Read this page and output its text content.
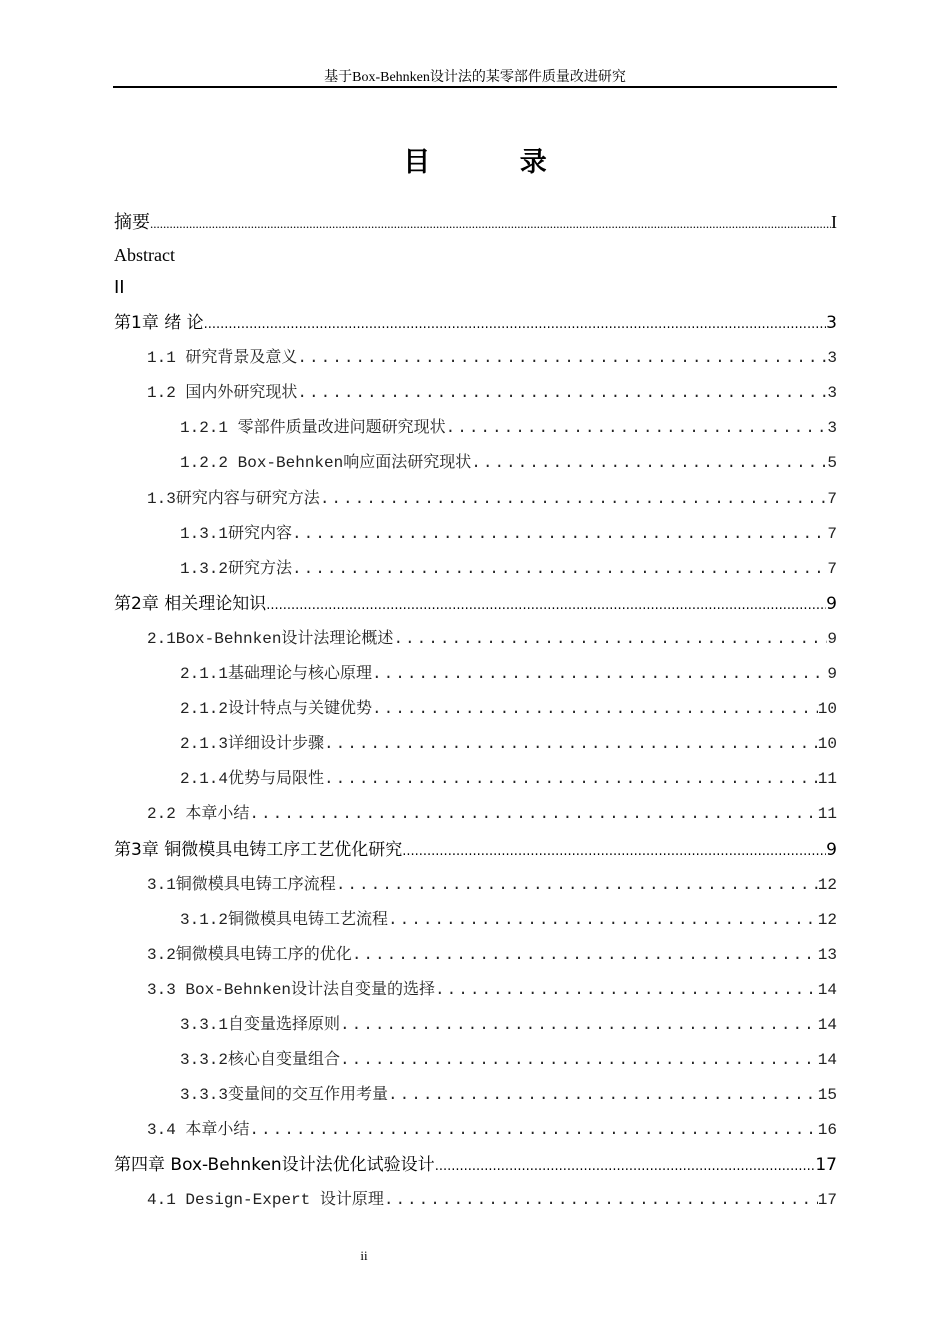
基于Box-Behnken设计法的某零部件质量改进研究
目 录
摘要 .....	I
Abstract
II
第1章 绪 论 .....	3
1.1 研究背景及意义 .....	3
1.2 国内外研究现状 .....	3
1.2.1 零部件质量改进问题研究现状 .....	3
1.2.2 Box-Behnken响应面法研究现状 .....	5
1.3研究内容与研究方法 .....	7
1.3.1研究内容 .....	7
1.3.2研究方法 .....	7
第2章 相关理论知识 .....	9
2.1Box-Behnken设计法理论概述 .....	9
2.1.1基础理论与核心原理 .....	9
2.1.2设计特点与关键优势 .....	10
2.1.3详细设计步骤 .....	10
2.1.4优势与局限性 .....	11
2.2 本章小结 .....	11
第3章 铜微模具电铸工序工艺优化研究 .....	9
3.1铜微模具电铸工序流程 .....	12
3.1.2铜微模具电铸工艺流程 .....	12
3.2铜微模具电铸工序的优化 .....	13
3.3 Box-Behnken设计法自变量的选择 .....	14
3.3.1自变量选择原则 .....	14
3.3.2核心自变量组合 .....	14
3.3.3变量间的交互作用考量 .....	15
3.4 本章小结 .....	16
第四章 Box-Behnken设计法优化试验设计 .....	17
4.1 Design-Expert 设计原理 .....	17
ii
